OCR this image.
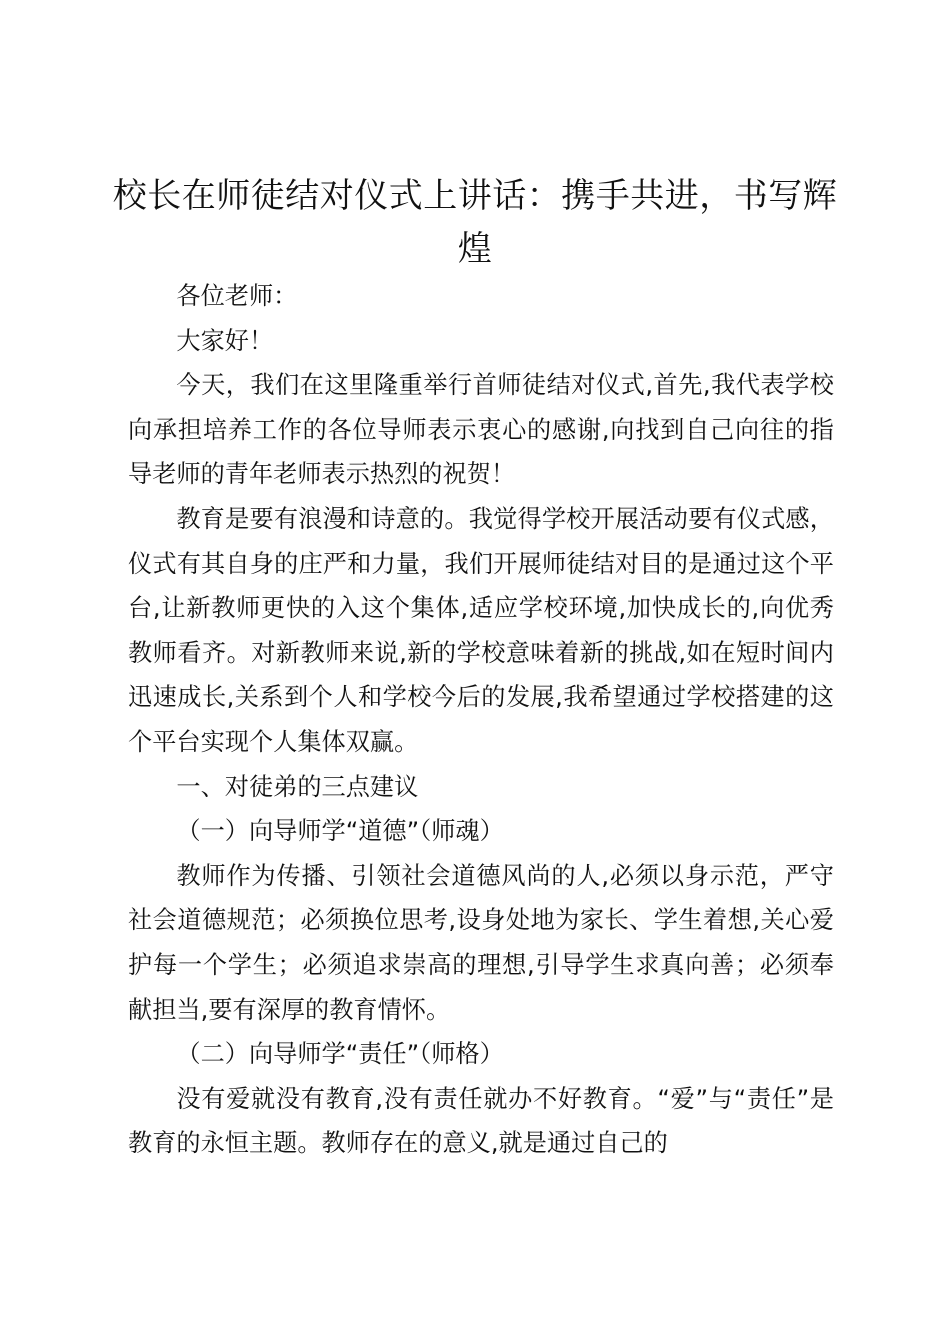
校长在师徒结对仪式上讲话：携手共进，书写辉煌

各位老师：

大家好！

今天，我们在这里隆重举行首师徒结对仪式,首先,我代表学校向承担培养工作的各位导师表示衷心的感谢,向找到自己向往的指导老师的青年老师表示热烈的祝贺！

教育是要有浪漫和诗意的。我觉得学校开展活动要有仪式感，仪式有其自身的庄严和力量，我们开展师徒结对目的是通过这个平台,让新教师更快的入这个集体,适应学校环境,加快成长的,向优秀教师看齐。对新教师来说,新的学校意味着新的挑战,如在短时间内迅速成长,关系到个人和学校今后的发展,我希望通过学校搭建的这个平台实现个人集体双赢。

一、对徒弟的三点建议

（一）向导师学“道德”（师魂）

教师作为传播、引领社会道德风尚的人,必须以身示范，严守社会道德规范；必须换位思考,设身处地为家长、学生着想,关心爱护每一个学生；必须追求崇高的理想,引导学生求真向善；必须奉献担当,要有深厚的教育情怀。

（二）向导师学“责任”（师格）

没有爱就没有教育,没有责任就办不好教育。“爱”与“责任”是教育的永恒主题。教师存在的意义,就是通过自己的
